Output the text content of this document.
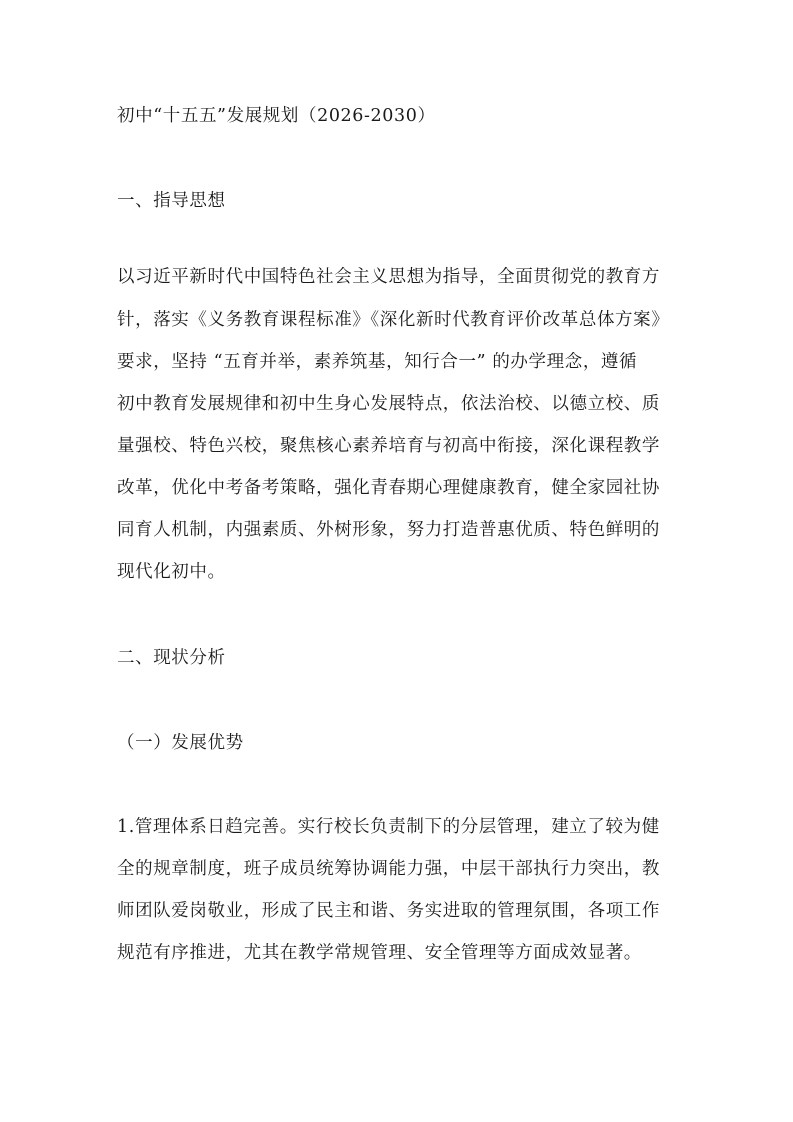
初中“十五五”发展规划（2026-2030）
一、指导思想
以习近平新时代中国特色社会主义思想为指导，全面贯彻党的教育方
针，落实《义务教育课程标准》《深化新时代教育评价改革总体方案》
要求，坚持 “五育并举，素养筑基，知行合一” 的办学理念，遵循
初中教育发展规律和初中生身心发展特点，依法治校、以德立校、质
量强校、特色兴校，聚焦核心素养培育与初高中衔接，深化课程教学
改革，优化中考备考策略，强化青春期心理健康教育，健全家园社协
同育人机制，内强素质、外树形象，努力打造普惠优质、特色鲜明的
现代化初中。
二、现状分析
（一）发展优势
1.管理体系日趋完善。实行校长负责制下的分层管理，建立了较为健
全的规章制度，班子成员统筹协调能力强，中层干部执行力突出，教
师团队爱岗敬业，形成了民主和谐、务实进取的管理氛围，各项工作
规范有序推进，尤其在教学常规管理、安全管理等方面成效显著。
